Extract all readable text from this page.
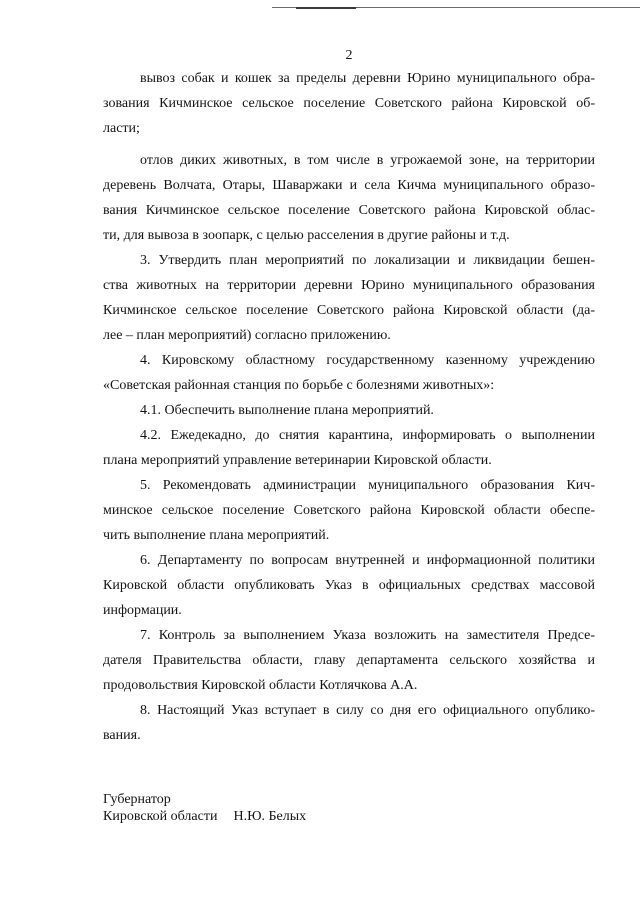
2
вывоз собак и кошек за пределы деревни Юрино муниципального обра-
зования Кичминское сельское поселение Советского района Кировской об-
ласти;
отлов диких животных, в том числе в угрожаемой зоне, на территории
деревень Волчата, Отары, Шаваржаки и села Кичма муниципального образо-
вания Кичминское сельское поселение Советского района Кировской облас-
ти, для вывоза в зоопарк, с целью расселения в другие районы и т.д.
3. Утвердить план мероприятий по локализации и ликвидации бешен-
ства животных на территории деревни Юрино муниципального образования
Кичминское сельское поселение Советского района Кировской области (да-
лее – план мероприятий) согласно приложению.
4. Кировскому областному государственному казенному учреждению
«Советская районная станция по борьбе с болезнями животных»:
4.1. Обеспечить выполнение плана мероприятий.
4.2. Ежедекадно, до снятия карантина, информировать о выполнении
плана мероприятий управление ветеринарии Кировской области.
5. Рекомендовать администрации муниципального образования Кич-
минское сельское поселение Советского района Кировской области обеспе-
чить выполнение плана мероприятий.
6. Департаменту по вопросам внутренней и информационной политики
Кировской области опубликовать Указ в официальных средствах массовой
информации.
7. Контроль за выполнением Указа возложить на заместителя Предсе-
дателя Правительства области, главу департамента сельского хозяйства и
продовольствия Кировской области Котлячкова А.А.
8. Настоящий Указ вступает в силу со дня его официального опублико-
вания.
Губернатор
Кировской области Н.Ю. Белых
